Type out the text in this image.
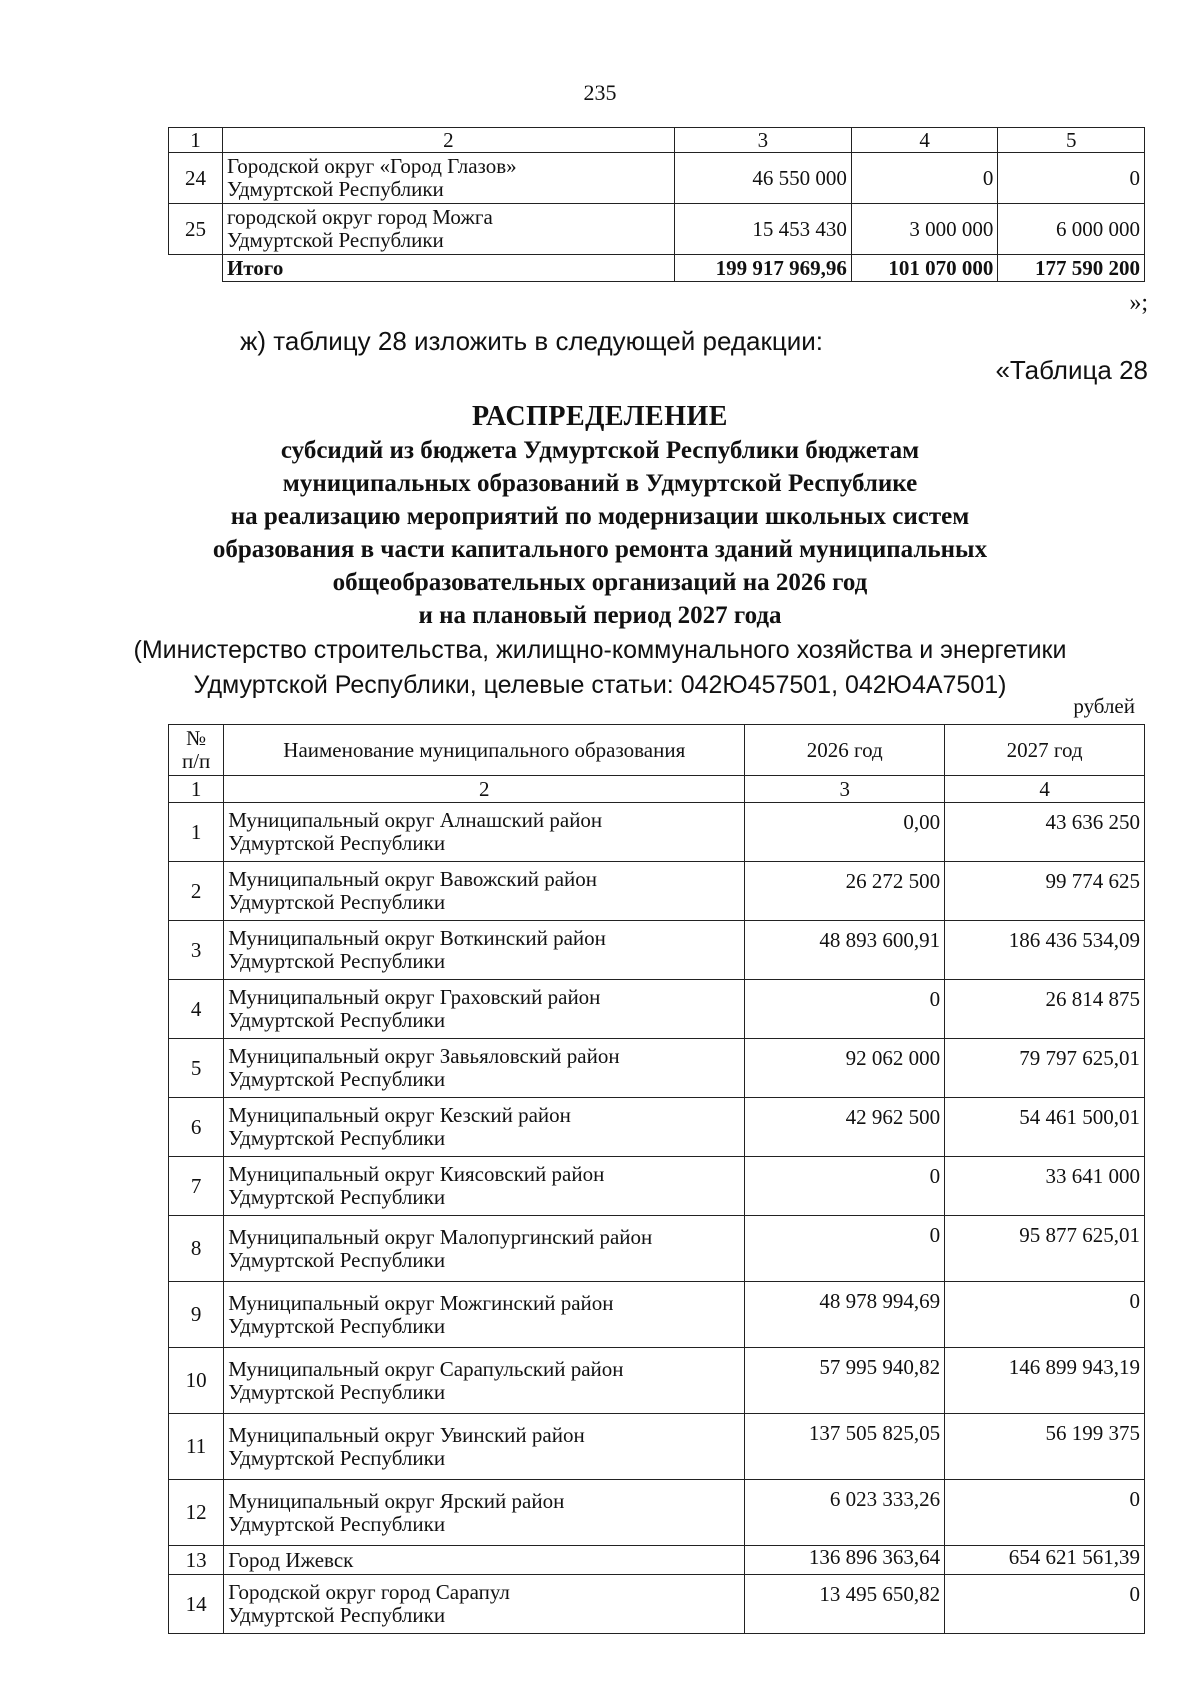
235
1	2	3	4	5
24	Городской округ «Город Глазов»
Удмуртской Республики	46 550 000	0	0
25	городской округ город Можга
Удмуртской Республики	15 453 430	3 000 000	6 000 000
	Итого	199 917 969,96	101 070 000	177 590 200
»;
ж) таблицу 28 изложить в следующей редакции:
«Таблица 28
РАСПРЕДЕЛЕНИЕ
субсидий из бюджета Удмуртской Республики бюджетам
муниципальных образований в Удмуртской Республике
на реализацию мероприятий по модернизации школьных систем
образования в части капитального ремонта зданий муниципальных
общеобразовательных организаций на 2026 год
и на плановый период 2027 года
(Министерство строительства, жилищно-коммунального хозяйства и энергетики
Удмуртской Республики, целевые статьи: 042Ю457501, 042Ю4А7501)
рублей
№
п/п	Наименование муниципального образования	2026 год	2027 год
1	2	3	4
1	Муниципальный округ Алнашский район
Удмуртской Республики	0,00	43 636 250
2	Муниципальный округ Вавожский район
Удмуртской Республики	26 272 500	99 774 625
3	Муниципальный округ Воткинский район
Удмуртской Республики	48 893 600,91	186 436 534,09
4	Муниципальный округ Граховский район
Удмуртской Республики	0	26 814 875
5	Муниципальный округ Завьяловский район
Удмуртской Республики	92 062 000	79 797 625,01
6	Муниципальный округ Кезский район
Удмуртской Республики	42 962 500	54 461 500,01
7	Муниципальный округ Киясовский район
Удмуртской Республики	0	33 641 000
8	Муниципальный округ Малопургинский район
Удмуртской Республики	0	95 877 625,01
9	Муниципальный округ Можгинский район
Удмуртской Республики	48 978 994,69	0
10	Муниципальный округ Сарапульский район
Удмуртской Республики	57 995 940,82	146 899 943,19
11	Муниципальный округ Увинский район
Удмуртской Республики	137 505 825,05	56 199 375
12	Муниципальный округ Ярский район
Удмуртской Республики	6 023 333,26	0
13	Город Ижевск	136 896 363,64	654 621 561,39
14	Городской округ город Сарапул
Удмуртской Республики	13 495 650,82	0
